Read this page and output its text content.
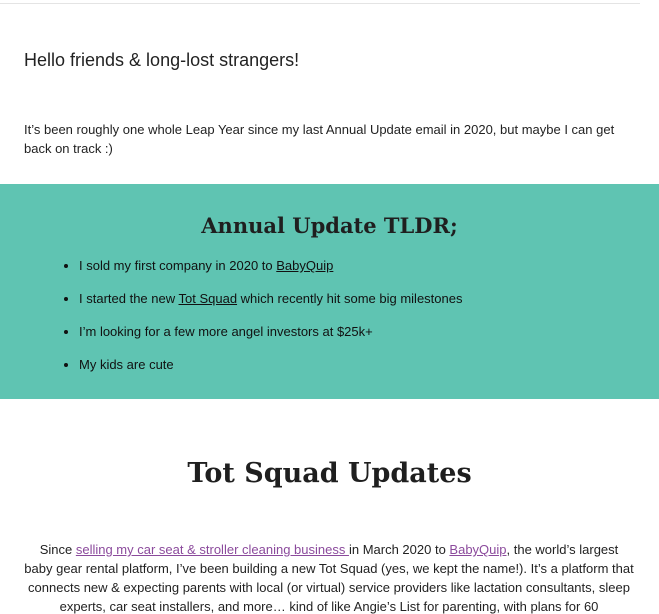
Hello friends & long-lost strangers!

It’s been roughly one whole Leap Year since my last Annual Update email in 2020, but maybe I can get back on track :)

Annual Update TLDR;
• I sold my first company in 2020 to BabyQuip
• I started the new Tot Squad which recently hit some big milestones
• I’m looking for a few more angel investors at $25k+
• My kids are cute
Tot Squad Updates

Since selling my car seat & stroller cleaning business in March 2020 to BabyQuip, the world’s largest baby gear rental platform, I’ve been building a new Tot Squad (yes, we kept the name!). It’s a platform that connects new & expecting parents with local (or virtual) service providers like lactation consultants, sleep experts, car seat installers, and more… kind of like Angie’s List for parenting, with plans for 60
